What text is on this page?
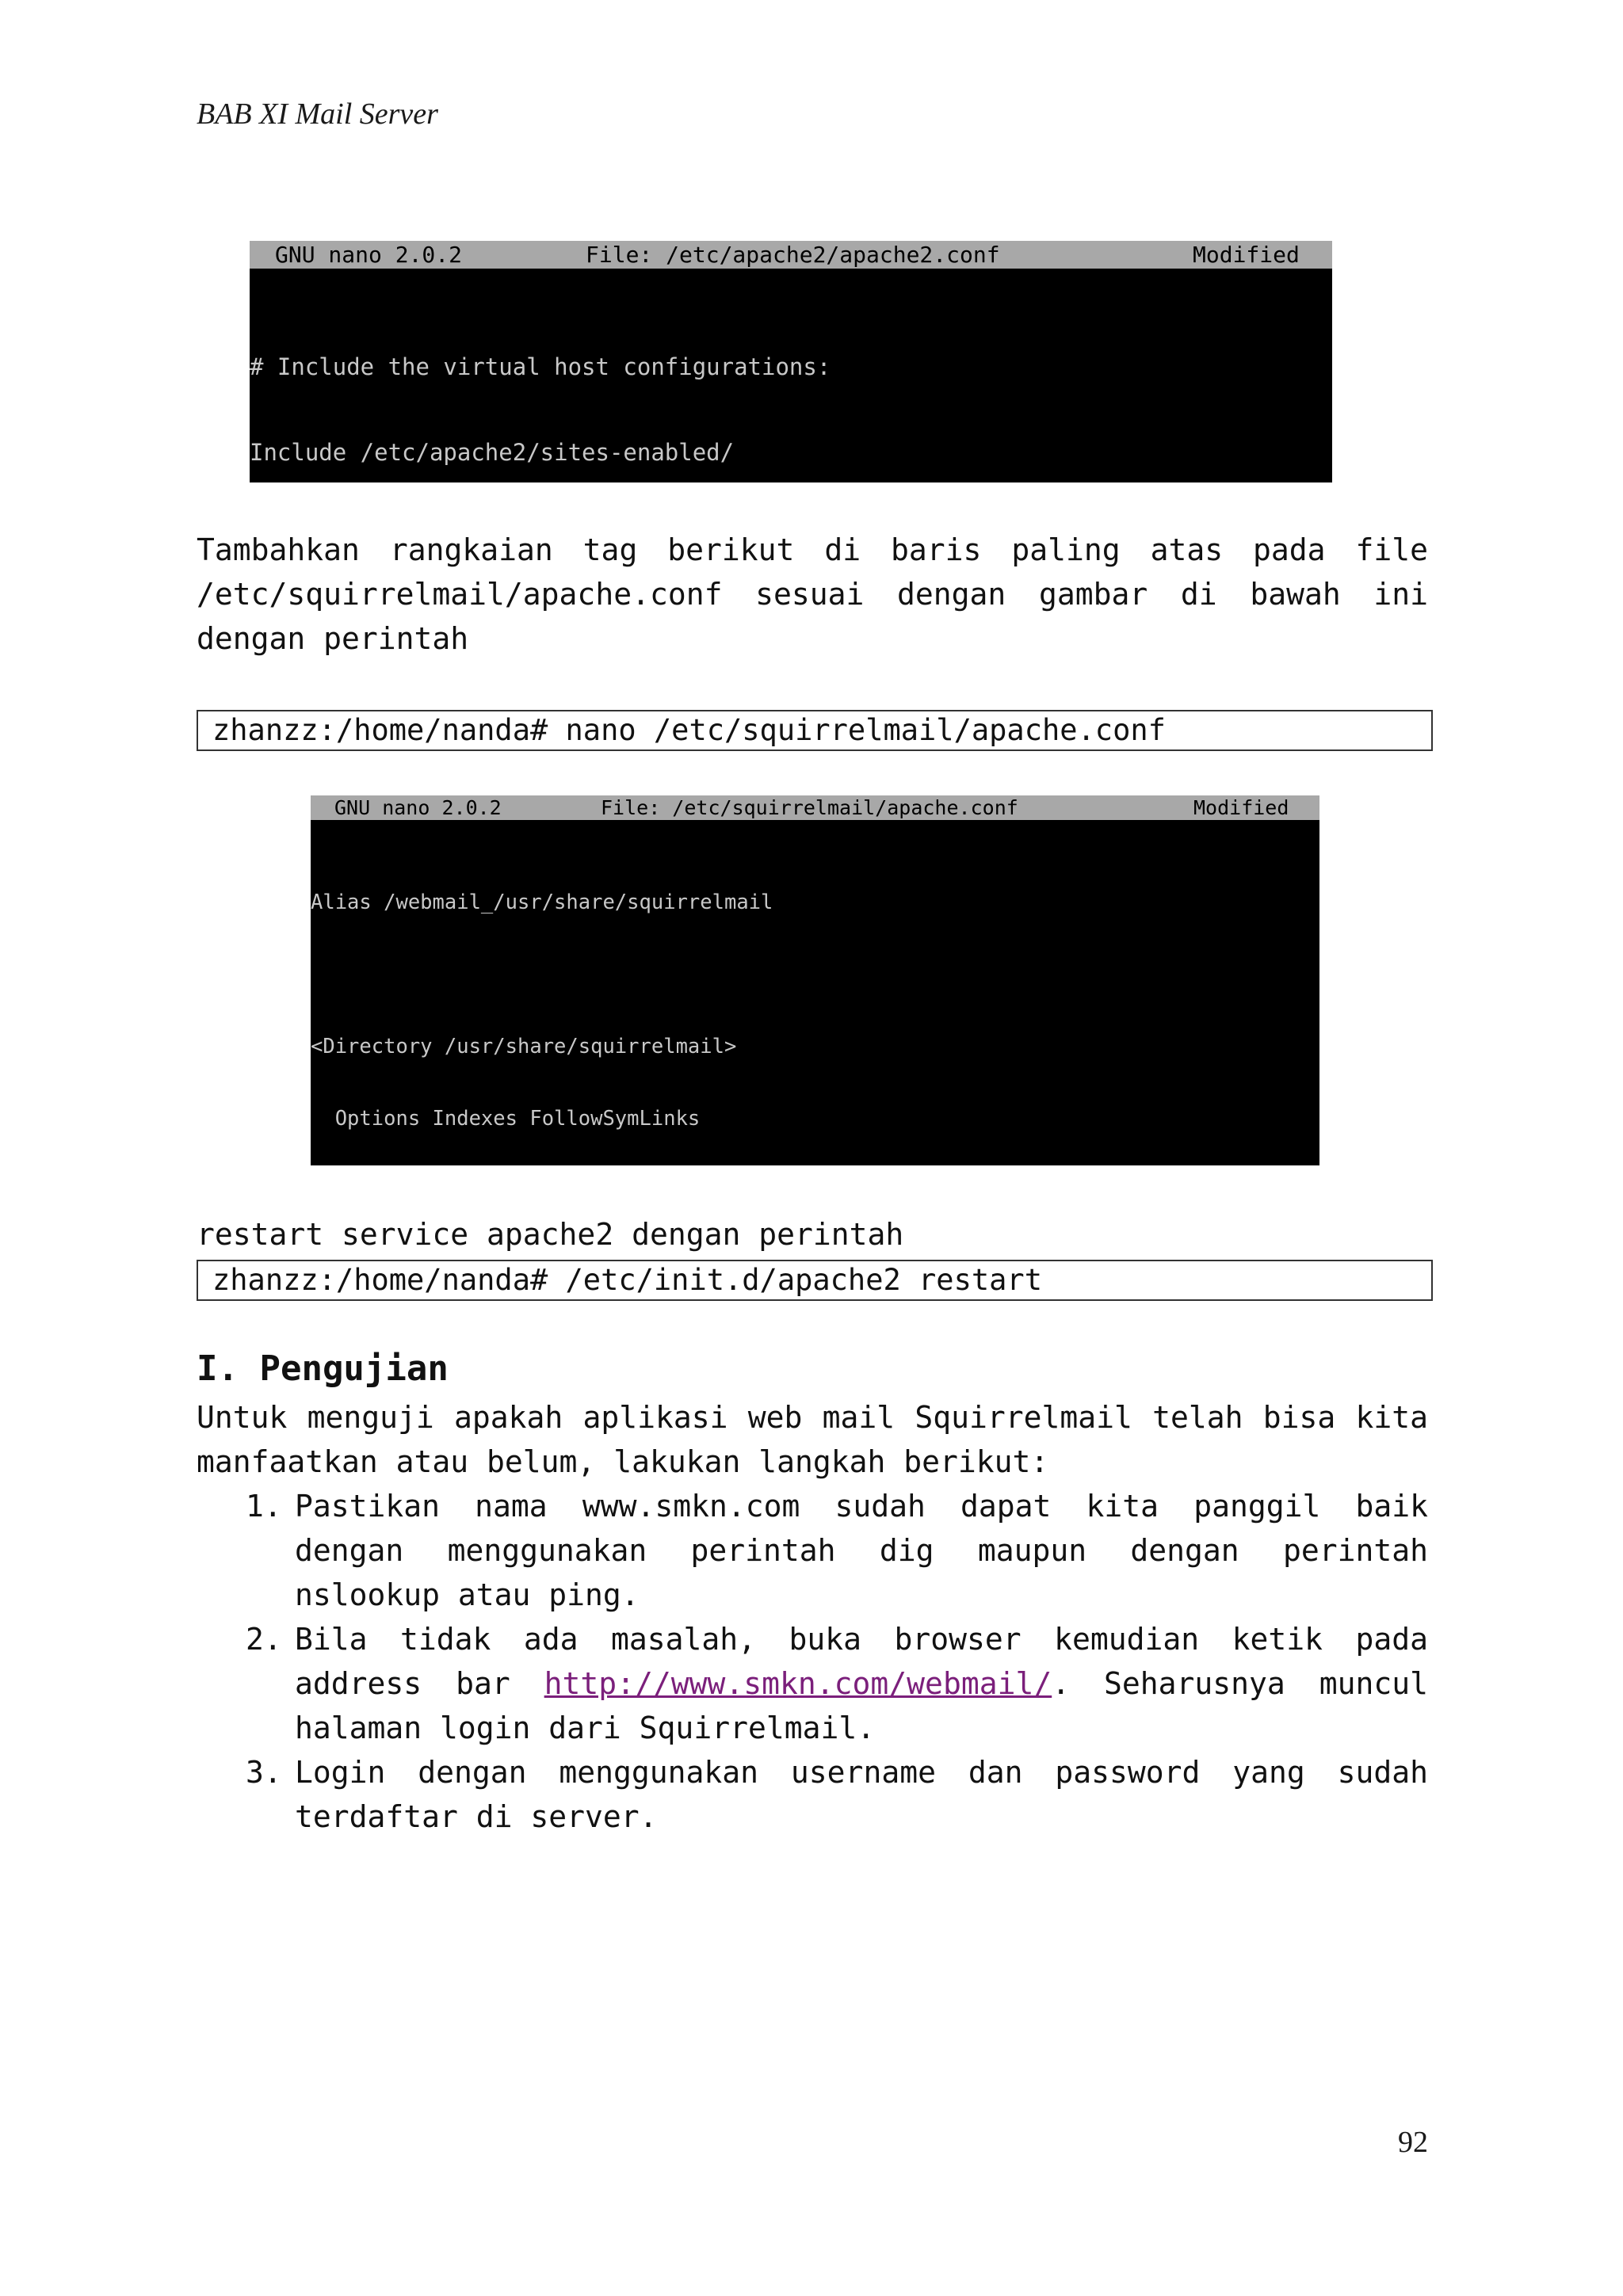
BAB XI Mail Server

GNU nano 2.0.2

	File: /etc/apache2/apache2.conf

	Modified

# Include the virtual host configurations:

Include /etc/apache2/sites-enabled/

Tambahkan rangkaian tag berikut di baris paling atas pada file /etc/squirrelmail/apache.conf sesuai dengan gambar di bawah ini dengan perintah

zhanzz:/home/nanda# nano /etc/squirrelmail/apache.conf

GNU nano 2.0.2

	File: /etc/squirrelmail/apache.conf

	Modified

Alias /webmail_/usr/share/squirrelmail

<Directory /usr/share/squirrelmail>

Options Indexes FollowSymLinks

restart service apache2 dengan perintah

zhanzz:/home/nanda# /etc/init.d/apache2 restart
I. Pengujian

Untuk menguji apakah aplikasi web mail Squirrelmail telah bisa kita manfaatkan atau belum, lakukan langkah berikut:

1. Pastikan nama www.smkn.com sudah dapat kita panggil baik dengan menggunakan perintah dig maupun dengan perintah nslookup atau ping.
2. Bila tidak ada masalah, buka browser kemudian ketik pada address bar http://www.smkn.com/webmail/. Seharusnya muncul halaman login dari Squirrelmail.
3. Login dengan menggunakan username dan password yang sudah terdaftar di server.
92
